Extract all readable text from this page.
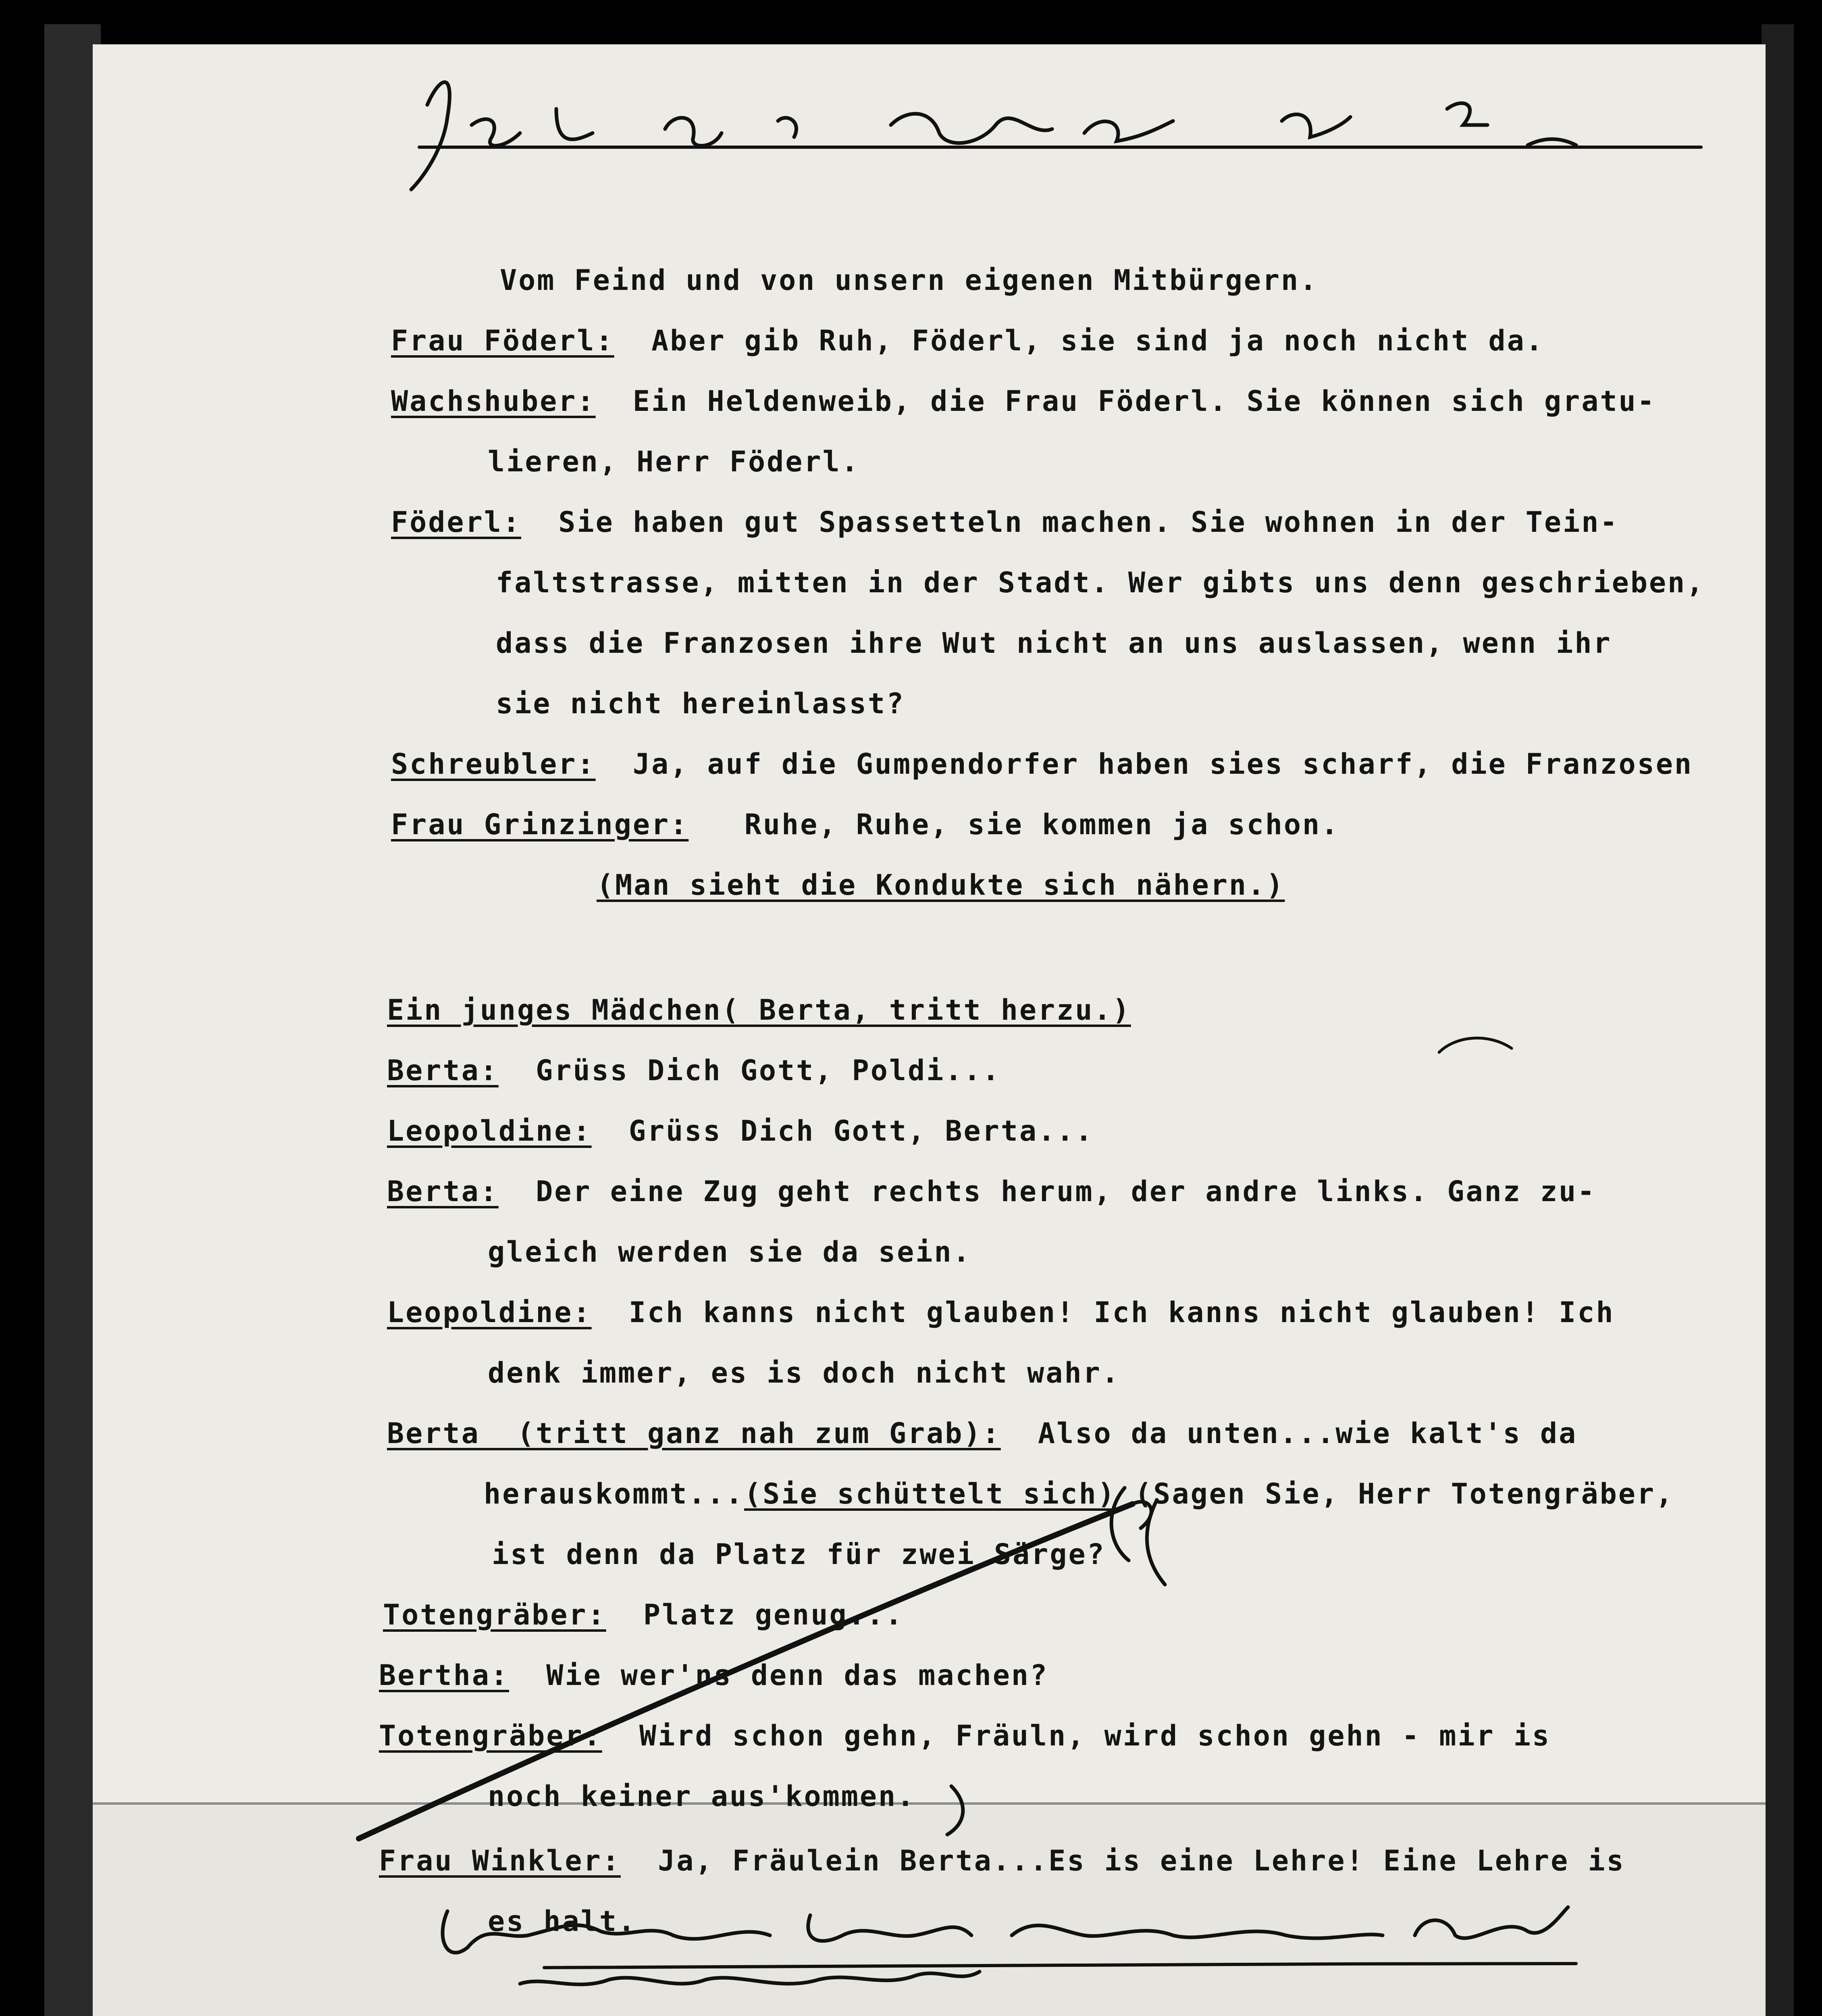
Vom Feind und von unsern eigenen Mitbürgern.

Frau Föderl:  Aber gib Ruh, Föderl, sie sind ja noch nicht da.

Wachshuber:  Ein Heldenweib, die Frau Föderl. Sie können sich gratu-

lieren, Herr Föderl.

Föderl:  Sie haben gut Spassetteln machen. Sie wohnen in der Tein-

faltstrasse, mitten in der Stadt. Wer gibts uns denn geschrieben,

dass die Franzosen ihre Wut nicht an uns auslassen, wenn ihr

sie nicht hereinlasst?

Schreubler:  Ja, auf die Gumpendorfer haben sies scharf, die Franzosen

Frau Grinzinger:   Ruhe, Ruhe, sie kommen ja schon.

(Man sieht die Kondukte sich nähern.)

Ein junges Mädchen( Berta, tritt herzu.)

Berta:  Grüss Dich Gott, Poldi...

Leopoldine:  Grüss Dich Gott, Berta...

Berta:  Der eine Zug geht rechts herum, der andre links. Ganz zu-

gleich werden sie da sein.

Leopoldine:  Ich kanns nicht glauben! Ich kanns nicht glauben! Ich

denk immer, es is doch nicht wahr.

Berta  (tritt ganz nah zum Grab):  Also da unten...wie kalt's da

herauskommt...(Sie schüttelt sich) (Sagen Sie, Herr Totengräber,

ist denn da Platz für zwei Särge?

Totengräber:  Platz genug...

Bertha:  Wie wer'ns denn das machen?

Totengräber:  Wird schon gehn, Fräuln, wird schon gehn - mir is

noch keiner aus'kommen.

Frau Winkler:  Ja, Fräulein Berta...Es is eine Lehre! Eine Lehre is

es halt.
